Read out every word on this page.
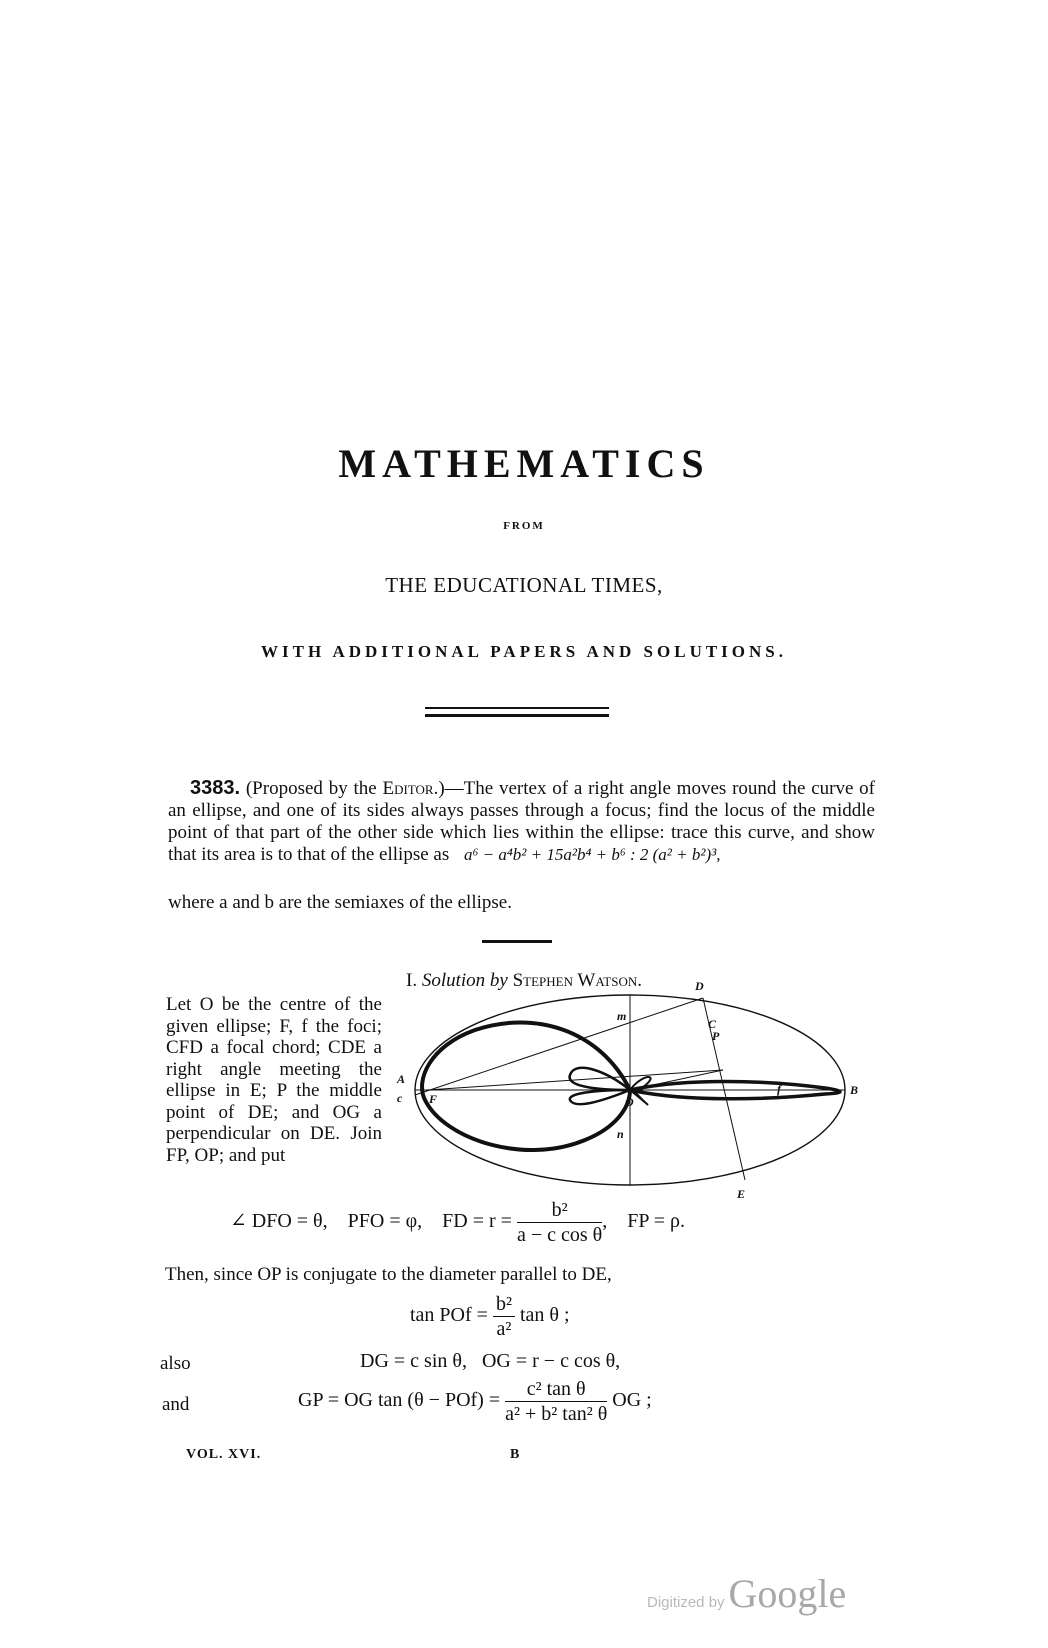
MATHEMATICS
FROM
THE EDUCATIONAL TIMES,
WITH ADDITIONAL PAPERS AND SOLUTIONS.
3383. (Proposed by the Editor.)—The vertex of a right angle moves round the curve of an ellipse, and one of its sides always passes through a focus; find the locus of the middle point of that part of the other side which lies within the ellipse: trace this curve, and show that its area is to that of the ellipse as a⁶ − a⁴b² + 15a²b⁴ + b⁶ : 2 (a² + b²)³,
where a and b are the semiaxes of the ellipse.
I. Solution by Stephen Watson.
Let O be the centre of the given ellipse; F, f the foci; CFD a focal chord; CDE a right angle meeting the ellipse in E; P the middle point of DE; and OG a perpendicular on DE. Join FP, OP; and put
D
m
C
P
A
c F	O
f	B
n
E
∠ DFO = θ, PFO = φ, FD = $r = \frac{\text{b²}}{\text{a − c cos θ}}$ , FP = ρ.
Then, since OP is conjugate to the diameter parallel to DE,
tan POf = $\frac{\text{b²}}{\text{a²}}$ tan θ ;
also	DG = c sin θ,   OG = r − c cos θ,
and	GP = OG $\tan (\theta - POf) = \frac{\text{c² tan θ}}{\text{a² + b² tan² θ}}$ OG ;
VOL. XVI.	B
Digitized by Google
